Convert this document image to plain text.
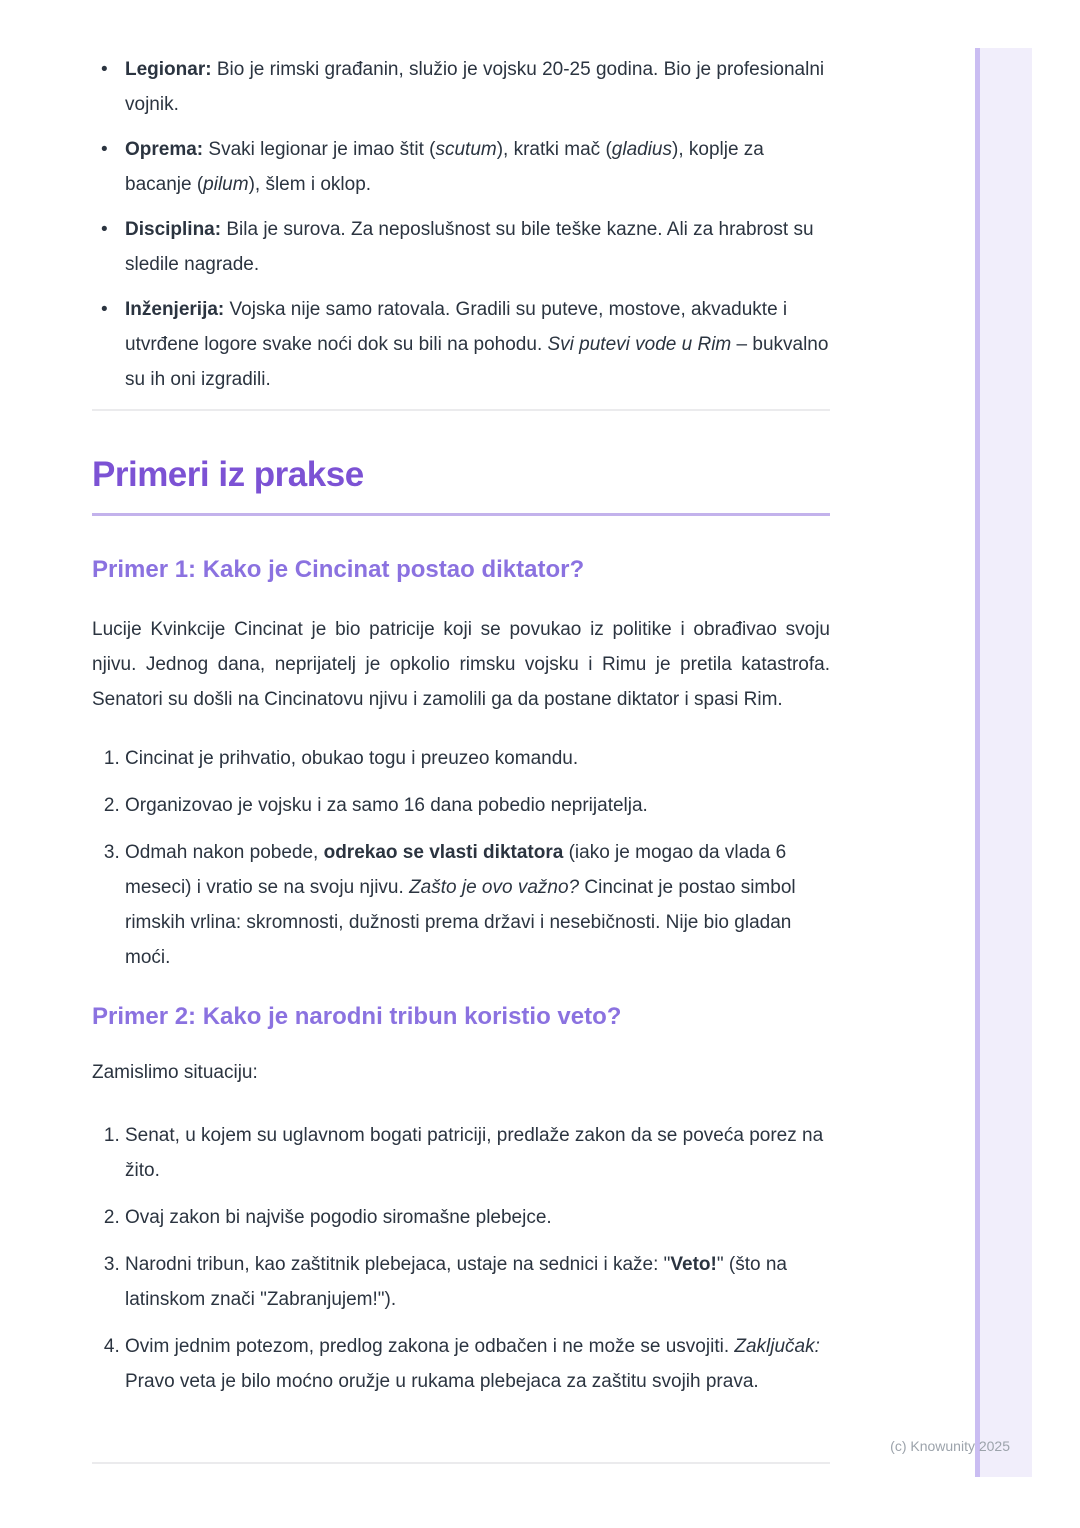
• Legionar: Bio je rimski građanin, služio je vojsku 20-25 godina. Bio je profesionalni vojnik.
• Oprema: Svaki legionar je imao štit (scutum), kratki mač (gladius), koplje za bacanje (pilum), šlem i oklop.
• Disciplina: Bila je surova. Za neposlušnost su bile teške kazne. Ali za hrabrost su sledile nagrade.
• Inženjerija: Vojska nije samo ratovala. Gradili su puteve, mostove, akvadukte i utvrđene logore svake noći dok su bili na pohodu. Svi putevi vode u Rim – bukvalno su ih oni izgradili.
Primeri iz prakse
Primer 1: Kako je Cincinat postao diktator?

Lucije Kvinkcije Cincinat je bio patricije koji se povukao iz politike i obrađivao svoju njivu. Jednog dana, neprijatelj je opkolio rimsku vojsku i Rimu je pretila katastrofa. Senatori su došli na Cincinatovu njivu i zamolili ga da postane diktator i spasi Rim.

1. Cincinat je prihvatio, obukao togu i preuzeo komandu.
2. Organizovao je vojsku i za samo 16 dana pobedio neprijatelja.
3. Odmah nakon pobede, odrekao se vlasti diktatora (iako je mogao da vlada 6 meseci) i vratio se na svoju njivu. Zašto je ovo važno? Cincinat je postao simbol rimskih vrlina: skromnosti, dužnosti prema državi i nesebičnosti. Nije bio gladan moći.
Primer 2: Kako je narodni tribun koristio veto?

Zamislimo situaciju:

1. Senat, u kojem su uglavnom bogati patriciji, predlaže zakon da se poveća porez na žito.
2. Ovaj zakon bi najviše pogodio siromašne plebejce.
3. Narodni tribun, kao zaštitnik plebejaca, ustaje na sednici i kaže: "Veto!" (što na latinskom znači "Zabranjujem!").
4. Ovim jednim potezom, predlog zakona je odbačen i ne može se usvojiti. Zaključak: Pravo veta je bilo moćno oružje u rukama plebejaca za zaštitu svojih prava.
(c) Knowunity 2025
